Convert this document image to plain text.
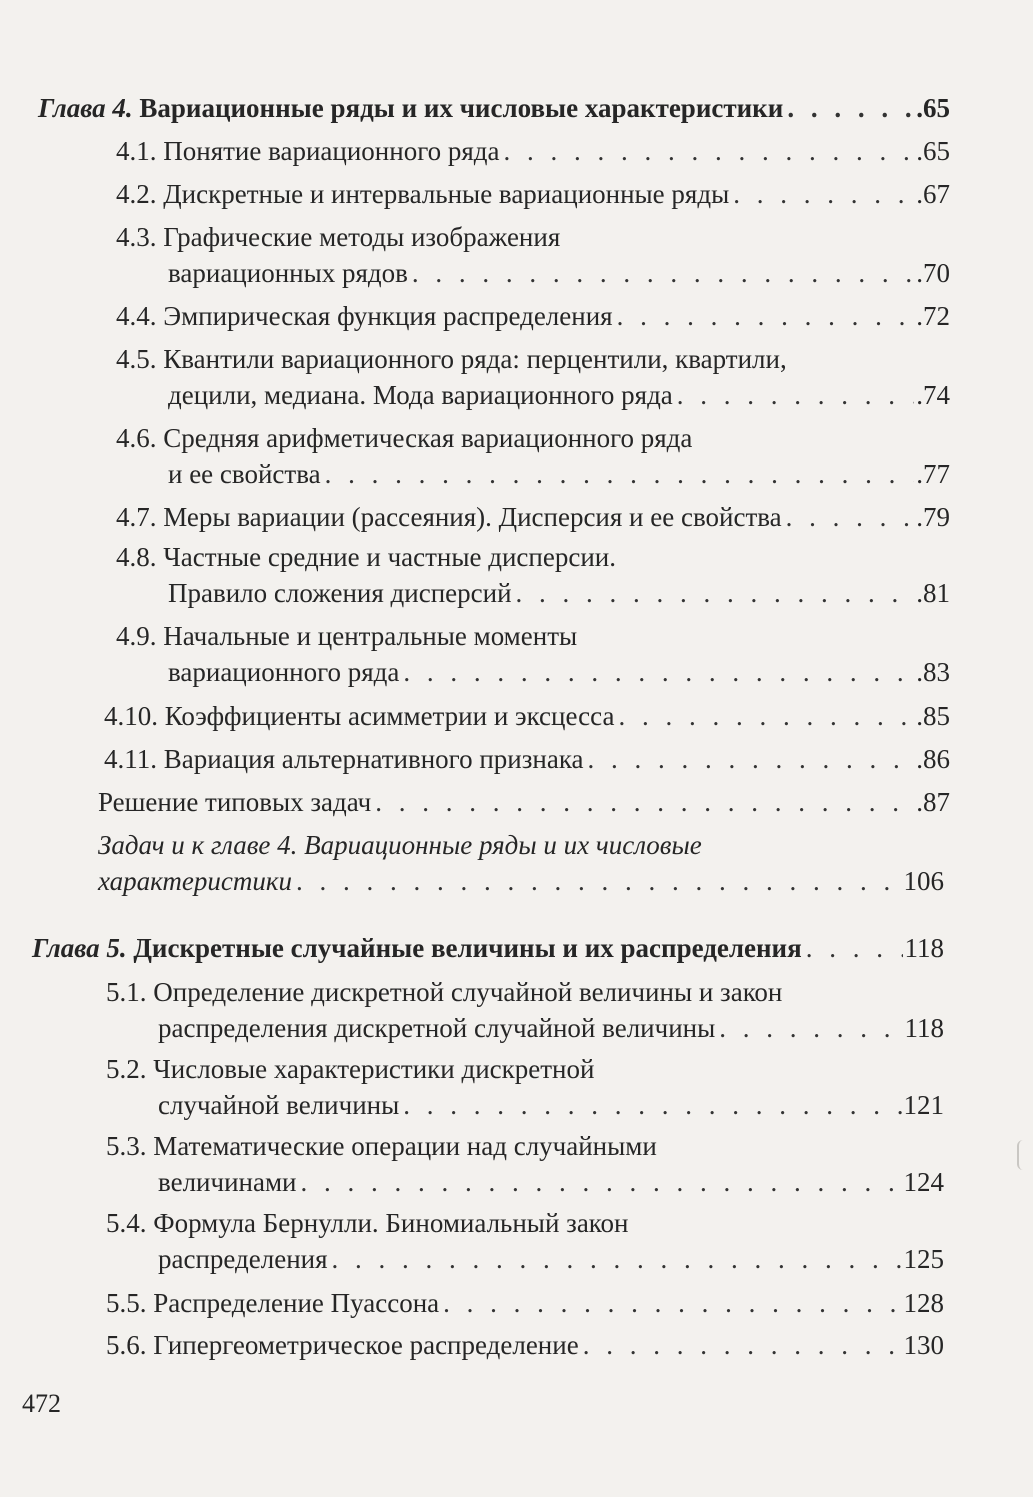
Глава 4. Вариационные ряды и их числовые характеристики . . .	.65
4.1. Понятие вариационного ряда . . .	.65
4.2. Дискретные и интервальные вариационные ряды . . .	.67
4.3. Графические методы изображения
вариационных рядов . . .	.70
4.4. Эмпирическая функция распределения . . .	.72
4.5. Квантили вариационного ряда: перцентили, квартили,
децили, медиана. Мода вариационного ряда . . .	.74
4.6. Средняя арифметическая вариационного ряда
и ее свойства . . .	.77
4.7. Меры вариации (рассеяния). Дисперсия и ее свойства . . .	.79
4.8. Частные средние и частные дисперсии.
Правило сложения дисперсий . . .	.81
4.9. Начальные и центральные моменты
вариационного ряда . . .	.83
4.10. Коэффициенты асимметрии и эксцесса . . .	.85
4.11. Вариация альтернативного признака . . .	.86
Решение типовых задач . . .	.87
Задач и к главе 4. Вариационные ряды и их числовые
характеристики . . .	106
Глава 5. Дискретные случайные величины и их распределения . . .	118
5.1. Определение дискретной случайной величины и закон
распределения дискретной случайной величины . . .	118
5.2. Числовые характеристики дискретной
случайной величины . . .	121
5.3. Математические операции над случайными
величинами . . .	124
5.4. Формула Бернулли. Биномиальный закон
распределения . . .	125
5.5. Распределение Пуассона . . .	128
5.6. Гипергеометрическое распределение . . .	130
472
